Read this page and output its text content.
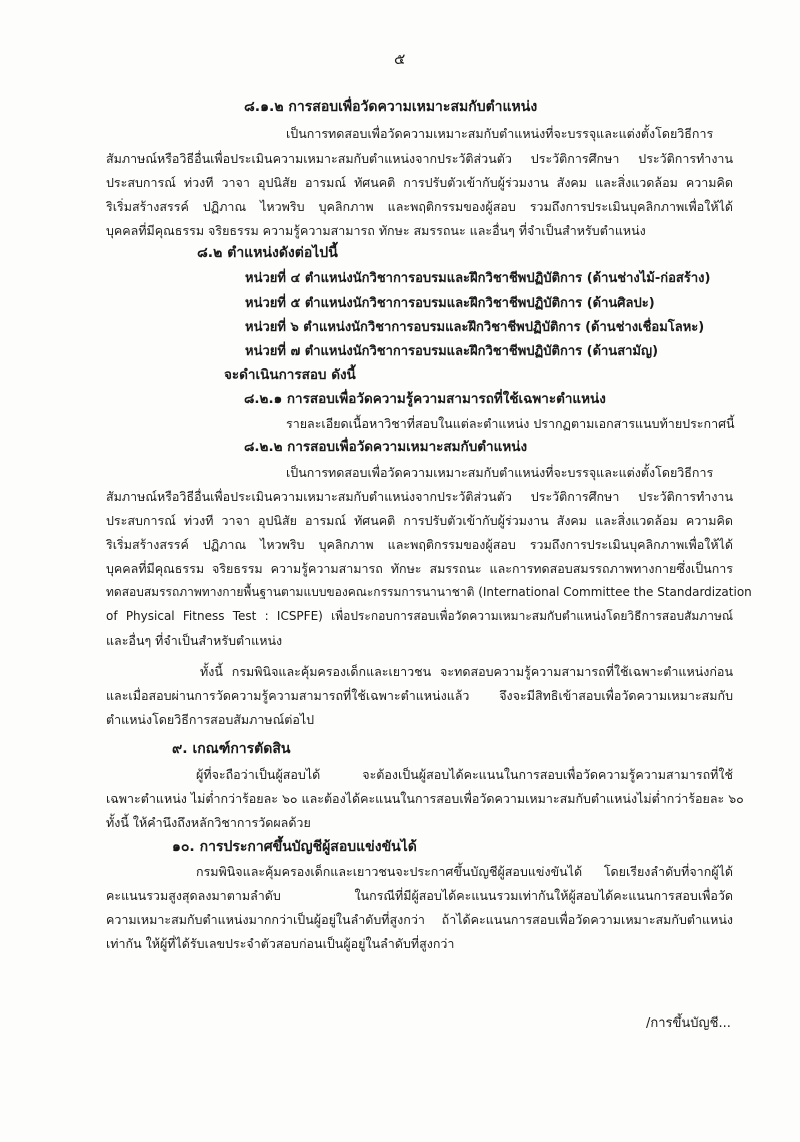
๕
๘.๑.๒ การสอบเพื่อวัดความเหมาะสมกับตำแหน่ง
เป็นการทดสอบเพื่อวัดความเหมาะสมกับตำแหน่งที่จะบรรจุและแต่งตั้งโดยวิธีการ
สัมภาษณ์หรือวิธีอื่นเพื่อประเมินความเหมาะสมกับตำแหน่งจากประวัติส่วนตัว ประวัติการศึกษา ประวัติการทำงาน
ประสบการณ์ ท่วงที วาจา อุปนิสัย อารมณ์ ทัศนคติ การปรับตัวเข้ากับผู้ร่วมงาน สังคม และสิ่งแวดล้อม ความคิด
ริเริ่มสร้างสรรค์ ปฏิภาณ ไหวพริบ บุคลิกภาพ และพฤติกรรมของผู้สอบ รวมถึงการประเมินบุคลิกภาพเพื่อให้ได้
บุคคลที่มีคุณธรรม จริยธรรม ความรู้ความสามารถ ทักษะ สมรรถนะ และอื่นๆ ที่จำเป็นสำหรับตำแหน่ง
๘.๒ ตำแหน่งดังต่อไปนี้
หน่วยที่ ๔ ตำแหน่งนักวิชาการอบรมและฝึกวิชาชีพปฏิบัติการ (ด้านช่างไม้-ก่อสร้าง)
หน่วยที่ ๕ ตำแหน่งนักวิชาการอบรมและฝึกวิชาชีพปฏิบัติการ (ด้านศิลปะ)
หน่วยที่ ๖ ตำแหน่งนักวิชาการอบรมและฝึกวิชาชีพปฏิบัติการ (ด้านช่างเชื่อมโลหะ)
หน่วยที่ ๗ ตำแหน่งนักวิชาการอบรมและฝึกวิชาชีพปฏิบัติการ (ด้านสามัญ)
จะดำเนินการสอบ ดังนี้
๘.๒.๑ การสอบเพื่อวัดความรู้ความสามารถที่ใช้เฉพาะตำแหน่ง
รายละเอียดเนื้อหาวิชาที่สอบในแต่ละตำแหน่ง ปรากฏตามเอกสารแนบท้ายประกาศนี้
๘.๒.๒ การสอบเพื่อวัดความเหมาะสมกับตำแหน่ง
เป็นการทดสอบเพื่อวัดความเหมาะสมกับตำแหน่งที่จะบรรจุและแต่งตั้งโดยวิธีการ
สัมภาษณ์หรือวิธีอื่นเพื่อประเมินความเหมาะสมกับตำแหน่งจากประวัติส่วนตัว ประวัติการศึกษา ประวัติการทำงาน
ประสบการณ์ ท่วงที วาจา อุปนิสัย อารมณ์ ทัศนคติ การปรับตัวเข้ากับผู้ร่วมงาน สังคม และสิ่งแวดล้อม ความคิด
ริเริ่มสร้างสรรค์ ปฏิภาณ ไหวพริบ บุคลิกภาพ และพฤติกรรมของผู้สอบ รวมถึงการประเมินบุคลิกภาพเพื่อให้ได้
บุคคลที่มีคุณธรรม จริยธรรม ความรู้ความสามารถ ทักษะ สมรรถนะ และการทดสอบสมรรถภาพทางกายซึ่งเป็นการ
ทดสอบสมรรถภาพทางกายพื้นฐานตามแบบของคณะกรรมการนานาชาติ (International Committee the Standardization
of Physical Fitness Test : ICSPFE) เพื่อประกอบการสอบเพื่อวัดความเหมาะสมกับตำแหน่งโดยวิธีการสอบสัมภาษณ์
และอื่นๆ ที่จำเป็นสำหรับตำแหน่ง
ทั้งนี้ กรมพินิจและคุ้มครองเด็กและเยาวชน จะทดสอบความรู้ความสามารถที่ใช้เฉพาะตำแหน่งก่อน
และเมื่อสอบผ่านการวัดความรู้ความสามารถที่ใช้เฉพาะตำแหน่งแล้ว จึงจะมีสิทธิเข้าสอบเพื่อวัดความเหมาะสมกับ
ตำแหน่งโดยวิธีการสอบสัมภาษณ์ต่อไป
๙. เกณฑ์การตัดสิน
ผู้ที่จะถือว่าเป็นผู้สอบได้ จะต้องเป็นผู้สอบได้คะแนนในการสอบเพื่อวัดความรู้ความสามารถที่ใช้
เฉพาะตำแหน่ง ไม่ต่ำกว่าร้อยละ ๖๐ และต้องได้คะแนนในการสอบเพื่อวัดความเหมาะสมกับตำแหน่งไม่ต่ำกว่าร้อยละ ๖๐
ทั้งนี้ ให้คำนึงถึงหลักวิชาการวัดผลด้วย
๑๐. การประกาศขึ้นบัญชีผู้สอบแข่งขันได้
กรมพินิจและคุ้มครองเด็กและเยาวชนจะประกาศขึ้นบัญชีผู้สอบแข่งขันได้ โดยเรียงลำดับที่จากผู้ได้
คะแนนรวมสูงสุดลงมาตามลำดับ ในกรณีที่มีผู้สอบได้คะแนนรวมเท่ากันให้ผู้สอบได้คะแนนการสอบเพื่อวัด
ความเหมาะสมกับตำแหน่งมากกว่าเป็นผู้อยู่ในลำดับที่สูงกว่า ถ้าได้คะแนนการสอบเพื่อวัดความเหมาะสมกับตำแหน่ง
เท่ากัน ให้ผู้ที่ได้รับเลขประจำตัวสอบก่อนเป็นผู้อยู่ในลำดับที่สูงกว่า
/การขึ้นบัญชี...
